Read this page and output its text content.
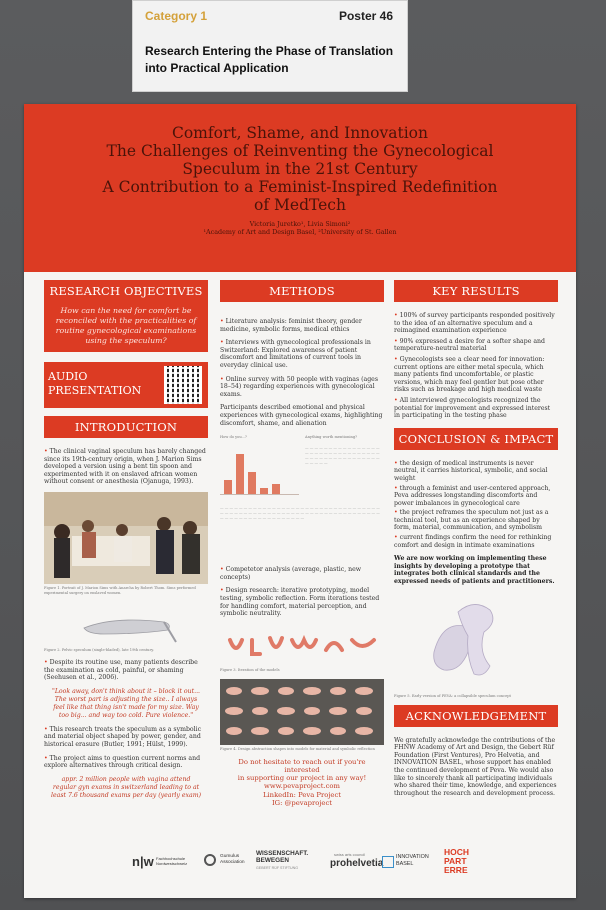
Category 1	Poster 46
Research Entering the Phase of Translation into Practical Application
Comfort, Shame, and Innovation
The Challenges of Reinventing the Gynecological
Speculum in the 21st Century
A Contribution to a Feminist-Inspired Redefinition
of MedTech
Victoria Juretko¹, Livia Simoni²
¹Academy of Art and Design Basel, ²University of St. Gallen
RESEARCH OBJECTIVES
How can the need for comfort be reconciled with the practicalities of routine gynecological examinations using the speculum?
AUDIO
PRESENTATION
INTRODUCTION

• The clinical vaginal speculum has barely changed since its 19th-century origin, when J. Marion Sims developed a version using a bent tin spoon and experimented with it on enslaved african women without consent or anesthesia (Ojanuga, 1993).

Figure 1. Portrait of J. Marion Sims with Anarcha by Robert Thom. Sims performed experimental surgery on enslaved women.
Figure 2. Pelvic speculum (single-bladed), late 19th century.

• Despite its routine use, many patients describe the examination as cold, painful, or shaming (Seehusen et al., 2006).

"Look away, don't think about it – block it out... The worst part is adjusting the size.. I always feel like that thing isn't made for my size. Way too big... and way too cold. Pure violence."

• This research treats the speculum as a symbolic and material object shaped by power, gender, and historical erasure (Butler, 1991; Hülst, 1999).

• The project aims to question current norms and explore alternatives through critical design.

appr. 2 million people with vagina attend regular gyn exams in switzerland leading to at least 7.6 thousand exams per day (yearly exam)

METHODS

• Literature analysis: feminist theory, gender medicine, symbolic forms, medical ethics

• Interviews with gynecological professionals in Switzerland: Explored awareness of patient discomfort and limitations of current tools in everyday clinical use.

• Online survey with 50 people with vaginas (ages 18–54) regarding experiences with gynecological exams.

Participants described emotional and physical experiences with gynecological exams, highlighting discomfort, shame, and alienation

How do you...?	Anything worth mentioning?
— — — — — — — — — — — — — — — — — — — — — — — — — — — — — — — — — — — — — — — — — — — — — — — — — — — — —
— — — — — — — — — — — — — — — — — — — — — — — — — — — — — — — — — — — — — — — — — — — — — — — — — — — — — — — — — — — — — — — — — — — — — — — — — — — — — — — — — — — — — —

• Competetor analysis (average, plastic, new concepts)

• Design research: iterative prototyping, model testing, symbolic reflection. Form iterations tested for handling comfort, material perception, and symbolic neutrality.

Figure 3. Iteration of the models
Figure 4. Design abstraction shapes into models for material and symbolic reflection
Do not hesitate to reach out if you're interested
in supporting our project in any way!
www.pevaproject.com
LinkedIn: Peva Project
IG: @pevaproject
KEY RESULTS

• 100% of survey participants responded positively to the idea of an alternative speculum and a reimagined examination experience

• 90% expressed a desire for a softer shape and temperature-neutral material

• Gynecologists see a clear need for innovation: current options are either metal specula, which many patients find uncomfortable, or plastic versions, which may feel gentler but pose other risks such as breakage and high medical waste

• All interviewed gynecologists recognized the potential for improvement and expressed interest in participating in the testing phase

CONCLUSION & IMPACT

• the design of medical instruments is never neutral, it carries historical, symbolic, and social weight

• through a feminist and user-centered approach, Peva addresses longstanding discomforts and power imbalances in gynecological care

• the project reframes the speculum not just as a technical tool, but as an experience shaped by form, material, communication, and symbolism

• current findings confirm the need for rethinking comfort and design in intimate examinations

We are now working on implementing these insights by developing a prototype that integrates both clinical standards and the expressed needs of patients and practitioners.

Figure 5. Early version of PEVA: a collapsible speculum concept
ACKNOWLEDGEMENT

We gratefully acknowledge the contributions of the FHNW Academy of Art and Design, the Gebert Rüf Foundation (First Ventures), Pro Helvetia, and INNOVATION BASEL, whose support has enabled the continued development of Peva. We would also like to sincerely thank all participating individuals who shared their time, knowledge, and experiences throughout the research and development process.

n|w Fachhochschule Nordwestschweiz
Gumulus Association
WISSENSCHAFT. BEWEGEN
GEBERT RÜF STIFTUNG
swiss arts council
prohelvetia
INNOVATION BASEL
HOCH PART ERRE
